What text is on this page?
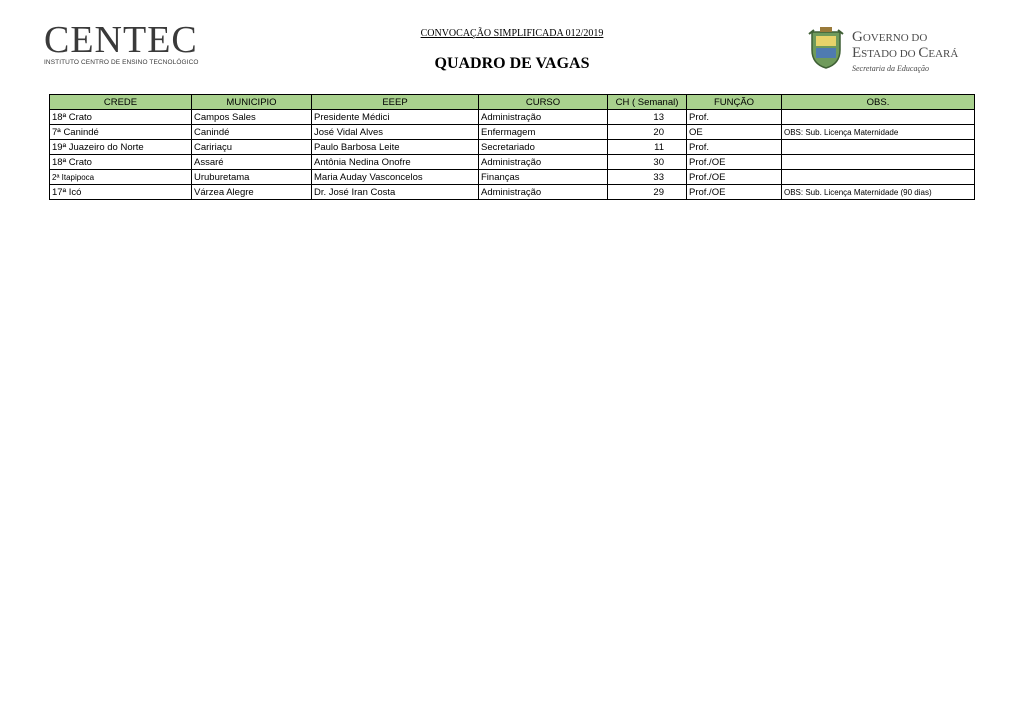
CENTEC
INSTITUTO CENTRO DE ENSINO TECNOLÓGICO
CONVOCAÇÃO SIMPLIFICADA 012/2019
QUADRO DE VAGAS
GOVERNO DO
ESTADO DO CEARÁ
Secretaria da Educação
CREDE	MUNICIPIO	EEEP	CURSO	CH ( Semanal)	FUNÇÃO	OBS.
18ª Crato	Campos Sales	Presidente Médici	Administração	13	Prof.	
7ª Canindé	Canindé	José Vidal Alves	Enfermagem	20	OE	OBS: Sub. Licença Maternidade
19ª Juazeiro do Norte	Caririaçu	Paulo Barbosa Leite	Secretariado	11	Prof.	
18ª Crato	Assaré	Antônia Nedina Onofre	Administração	30	Prof./OE	
2ª Itapipoca	Uruburetama	Maria Auday Vasconcelos	Finanças	33	Prof./OE	
17ª Icó	Várzea Alegre	Dr. José Iran Costa	Administração	29	Prof./OE	OBS: Sub. Licença Maternidade (90 dias)
